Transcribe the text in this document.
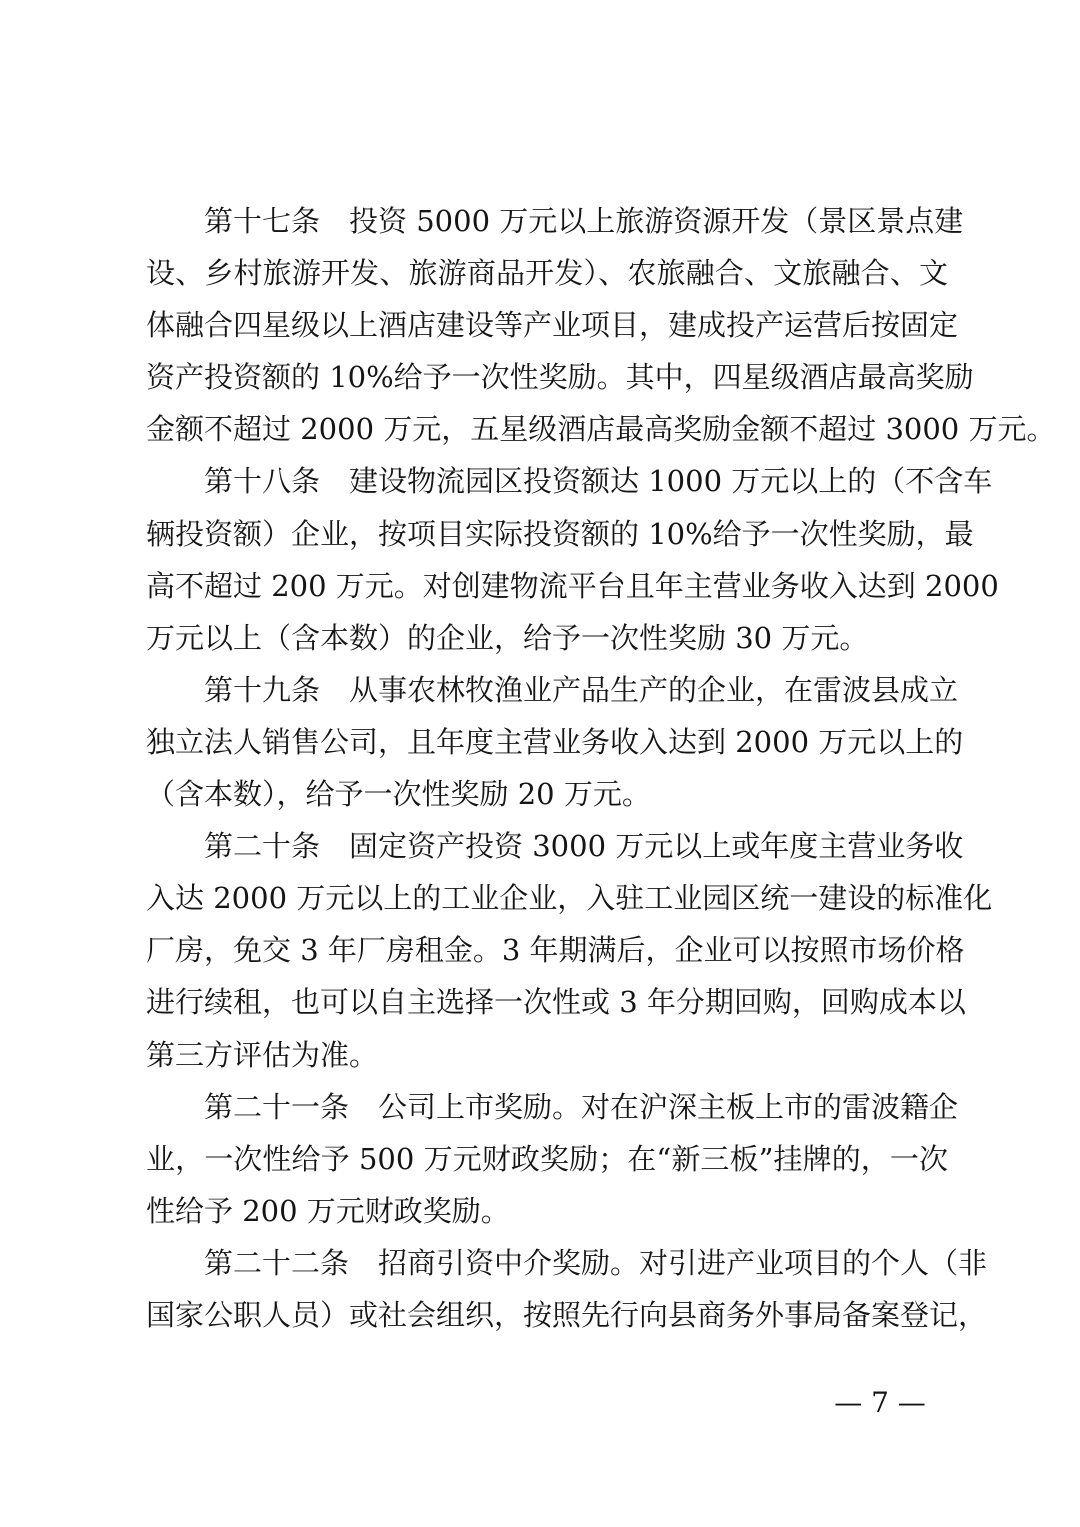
第十七条　投资 5000 万元以上旅游资源开发（景区景点建
设、乡村旅游开发、旅游商品开发）、农旅融合、文旅融合、文
体融合四星级以上酒店建设等产业项目，建成投产运营后按固定
资产投资额的 10%给予一次性奖励。其中，四星级酒店最高奖励
金额不超过 2000 万元，五星级酒店最高奖励金额不超过 3000 万元。
第十八条　建设物流园区投资额达 1000 万元以上的（不含车
辆投资额）企业，按项目实际投资额的 10%给予一次性奖励，最
高不超过 200 万元。对创建物流平台且年主营业务收入达到 2000
万元以上（含本数）的企业，给予一次性奖励 30 万元。
第十九条　从事农林牧渔业产品生产的企业，在雷波县成立
独立法人销售公司，且年度主营业务收入达到 2000 万元以上的
（含本数），给予一次性奖励 20 万元。
第二十条　固定资产投资 3000 万元以上或年度主营业务收
入达 2000 万元以上的工业企业，入驻工业园区统一建设的标准化
厂房，免交 3 年厂房租金。3 年期满后，企业可以按照市场价格
进行续租，也可以自主选择一次性或 3 年分期回购，回购成本以
第三方评估为准。
第二十一条　公司上市奖励。对在沪深主板上市的雷波籍企
业，一次性给予 500 万元财政奖励；在“新三板”挂牌的，一次
性给予 200 万元财政奖励。
第二十二条　招商引资中介奖励。对引进产业项目的个人（非
国家公职人员）或社会组织，按照先行向县商务外事局备案登记，
— 7 —
